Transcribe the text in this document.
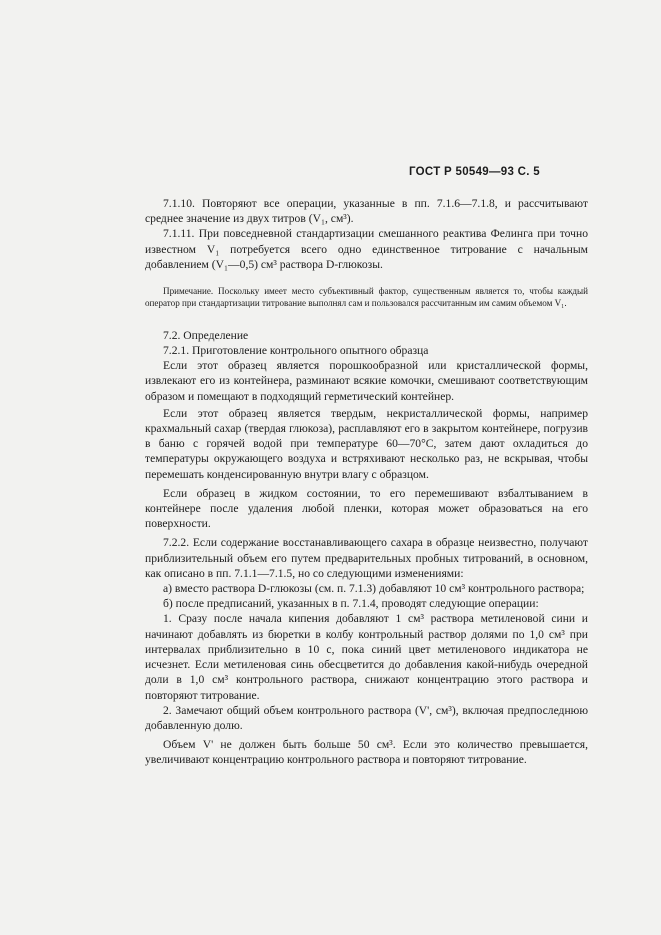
ГОСТ Р 50549—93 С. 5

7.1.10. Повторяют все операции, указанные в пп. 7.1.6—7.1.8, и рассчитывают среднее значение из двух титров (V₁, см³).

7.1.11. При повседневной стандартизации смешанного реактива Фелинга при точно известном V₁ потребуется всего одно единственное титрование с начальным добавлением (V₁—0,5) см³ раствора D-глюкозы.

Примечание. Поскольку имеет место субъективный фактор, существенным является то, чтобы каждый оператор при стандартизации титрование выполнял сам и пользовался рассчитанным им самим объемом V₁.

7.2. Определение

7.2.1. Приготовление контрольного опытного образца

Если этот образец является порошкообразной или кристаллической формы, извлекают его из контейнера, разминают всякие комочки, смешивают соответствующим образом и помещают в подходящий герметический контейнер.

Если этот образец является твердым, некристаллической формы, например крахмальный сахар (твердая глюкоза), расплавляют его в закрытом контейнере, погрузив в баню с горячей водой при температуре 60—70°С, затем дают охладиться до температуры окружающего воздуха и встряхивают несколько раз, не вскрывая, чтобы перемешать конденсированную внутри влагу с образцом.

Если образец в жидком состоянии, то его перемешивают взбалтыванием в контейнере после удаления любой пленки, которая может образоваться на его поверхности.

7.2.2. Если содержание восстанавливающего сахара в образце неизвестно, получают приблизительный объем его путем предварительных пробных титрований, в основном, как описано в пп. 7.1.1—7.1.5, но со следующими изменениями:

а) вместо раствора D-глюкозы (см. п. 7.1.3) добавляют 10 см³ контрольного раствора;

б) после предписаний, указанных в п. 7.1.4, проводят следующие операции:

1. Сразу после начала кипения добавляют 1 см³ раствора метиленовой сини и начинают добавлять из бюретки в колбу контрольный раствор долями по 1,0 см³ при интервалах приблизительно в 10 с, пока синий цвет метиленового индикатора не исчезнет. Если метиленовая синь обесцветится до добавления какой-нибудь очередной доли в 1,0 см³ контрольного раствора, снижают концентрацию этого раствора и повторяют титрование.

2. Замечают общий объем контрольного раствора (V', см³), включая предпоследнюю добавленную долю.

Объем V' не должен быть больше 50 см³. Если это количество превышается, увеличивают концентрацию контрольного раствора и повторяют титрование.
